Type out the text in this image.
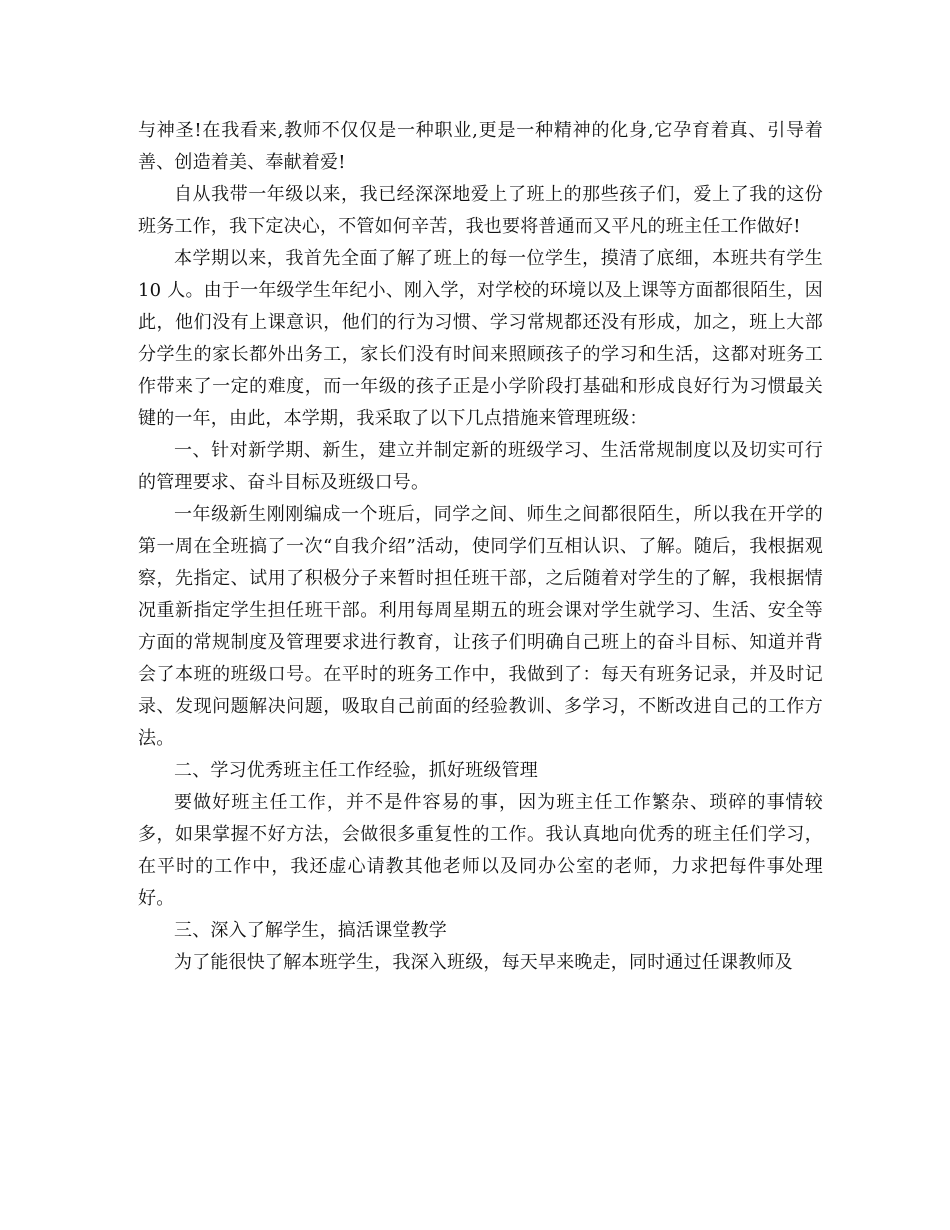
与神圣!在我看来,教师不仅仅是一种职业,更是一种精神的化身,它孕育着真、引导着善、创造着美、奉献着爱!

自从我带一年级以来，我已经深深地爱上了班上的那些孩子们，爱上了我的这份班务工作，我下定决心，不管如何辛苦，我也要将普通而又平凡的班主任工作做好!

本学期以来，我首先全面了解了班上的每一位学生，摸清了底细，本班共有学生 10 人。由于一年级学生年纪小、刚入学，对学校的环境以及上课等方面都很陌生，因此，他们没有上课意识，他们的行为习惯、学习常规都还没有形成，加之，班上大部分学生的家长都外出务工，家长们没有时间来照顾孩子的学习和生活，这都对班务工作带来了一定的难度，而一年级的孩子正是小学阶段打基础和形成良好行为习惯最关键的一年，由此，本学期，我采取了以下几点措施来管理班级：

一、针对新学期、新生，建立并制定新的班级学习、生活常规制度以及切实可行的管理要求、奋斗目标及班级口号。

一年级新生刚刚编成一个班后，同学之间、师生之间都很陌生，所以我在开学的第一周在全班搞了一次“自我介绍”活动，使同学们互相认识、了解。随后，我根据观察，先指定、试用了积极分子来暂时担任班干部，之后随着对学生的了解，我根据情况重新指定学生担任班干部。利用每周星期五的班会课对学生就学习、生活、安全等方面的常规制度及管理要求进行教育，让孩子们明确自己班上的奋斗目标、知道并背会了本班的班级口号。在平时的班务工作中，我做到了：每天有班务记录，并及时记录、发现问题解决问题，吸取自己前面的经验教训、多学习，不断改进自己的工作方法。

二、学习优秀班主任工作经验，抓好班级管理

要做好班主任工作，并不是件容易的事，因为班主任工作繁杂、琐碎的事情较多，如果掌握不好方法，会做很多重复性的工作。我认真地向优秀的班主任们学习，在平时的工作中，我还虚心请教其他老师以及同办公室的老师，力求把每件事处理好。

三、深入了解学生，搞活课堂教学

为了能很快了解本班学生，我深入班级，每天早来晚走，同时通过任课教师及
